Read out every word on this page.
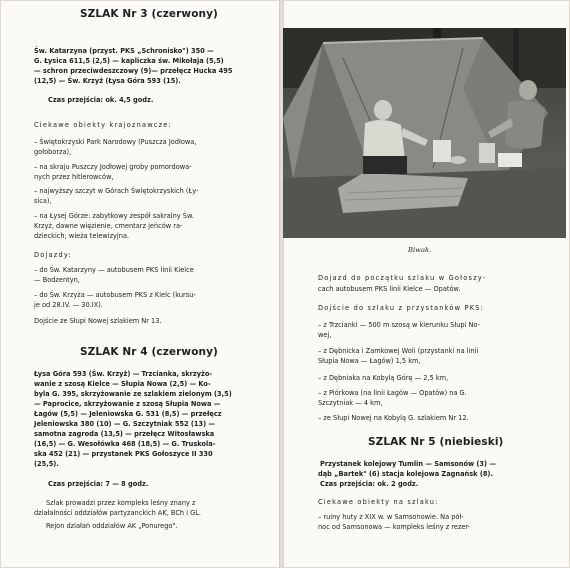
SZLAK Nr 3 (czerwony)
Św. Katarzyna (przyst. PKS „Schronisko") 350 —
G. Łysica 611,5 (2,5) — kapliczka św. Mikołaja (5,5)
— schron przeciwdeszczowy (9)— przełęcz Hucka 495
(12,5) — Św. Krzyż (Łysa Góra 593 (15).
Czas przejścia: ok. 4,5 godz.
Ciekawe obiekty krajoznawcze:
– Świętokrzyski Park Narodowy (Puszcza Jodłowa,
gołoborza),
– na skraju Puszczy Jodłowej groby pomordowa-
nych przez hitlerowców,
– najwyższy szczyt w Górach Świętokrzyskich (Ły-
sica),
– na Łysej Górze: zabytkowy zespół sakralny Św.
Krzyż, dawne więzienie, cmentarz jeńców ra-
dzieckich; wieża telewizyjna.
Dojazdy:
– do Św. Katarzyny — autobusem PKS linii Kielce
— Bodzentyn,
– do Św. Krzyża — autobusem PKS z Kielc (kursu-
je od 28.IV. — 30.IX).
Dojście ze Słupi Nowej szlakiem Nr 13.
SZLAK Nr 4 (czerwony)
Łysa Góra 593 (Św. Krzyż) — Trzcianka, skrzyżo-
wanie z szosą Kielce — Słupia Nowa (2,5) — Ko-
byla G. 395, skrzyżowanie ze szlakiem zielonym (3,5)
— Paprocice, skrzyżowanie z szosą Słupia Nowa —
Łagów (5,5) — Jeleniowska G. 531 (8,5) — przełęcz
Jeleniowska 380 (10) — G. Szczytniak 552 (13) —
samotna zagroda (13,5) — przełęcz Witosławska
(16,5) — G. Wesołówka 468 (18,5) — G. Truskola-
ska 452 (21) — przystanek PKS Gołoszyce II 330
(25,5).
Czas przejścia: 7 — 8 godz.
Szlak prowadzi przez kompleks leśny znany z
działalności oddziałów partyzanckich AK, BCh i GL.
Rejon działań oddziałów AK „Ponurego".
Biwak.
Dojazd do początku szlaku w Gołoszy-
cach autobusem PKS linii Kielce — Opatów.
Dojście do szlaku z przystanków PKS:
– z Trzcianki — 500 m szosą w kierunku Słupi No-
wej,
– z Dębnicka i Zamkowej Woli (przystanki na linii
Słupia Nowa — Łagów) 1,5 km,
– z Dębniaka na Kobylą Górę — 2,5 km,
– z Piórkowa (na linii Łagów — Opatów) na G.
Szczytniak — 4 km,
– ze Słupi Nowej na Kobylą G. szlakiem Nr 12.
SZLAK Nr 5 (niebieski)
Przystanek kolejowy Tumlin — Samsonów (3) —
dąb „Bartek" (6) stacja kolejowa Zagnańsk (8).
Czas przejścia: ok. 2 godz.
Ciekawe obiekty na szlaku:
– ruiny huty z XIX w. w Samsonowie. Na pół-
noc od Samsonowa — kompleks leśny z rezer-
